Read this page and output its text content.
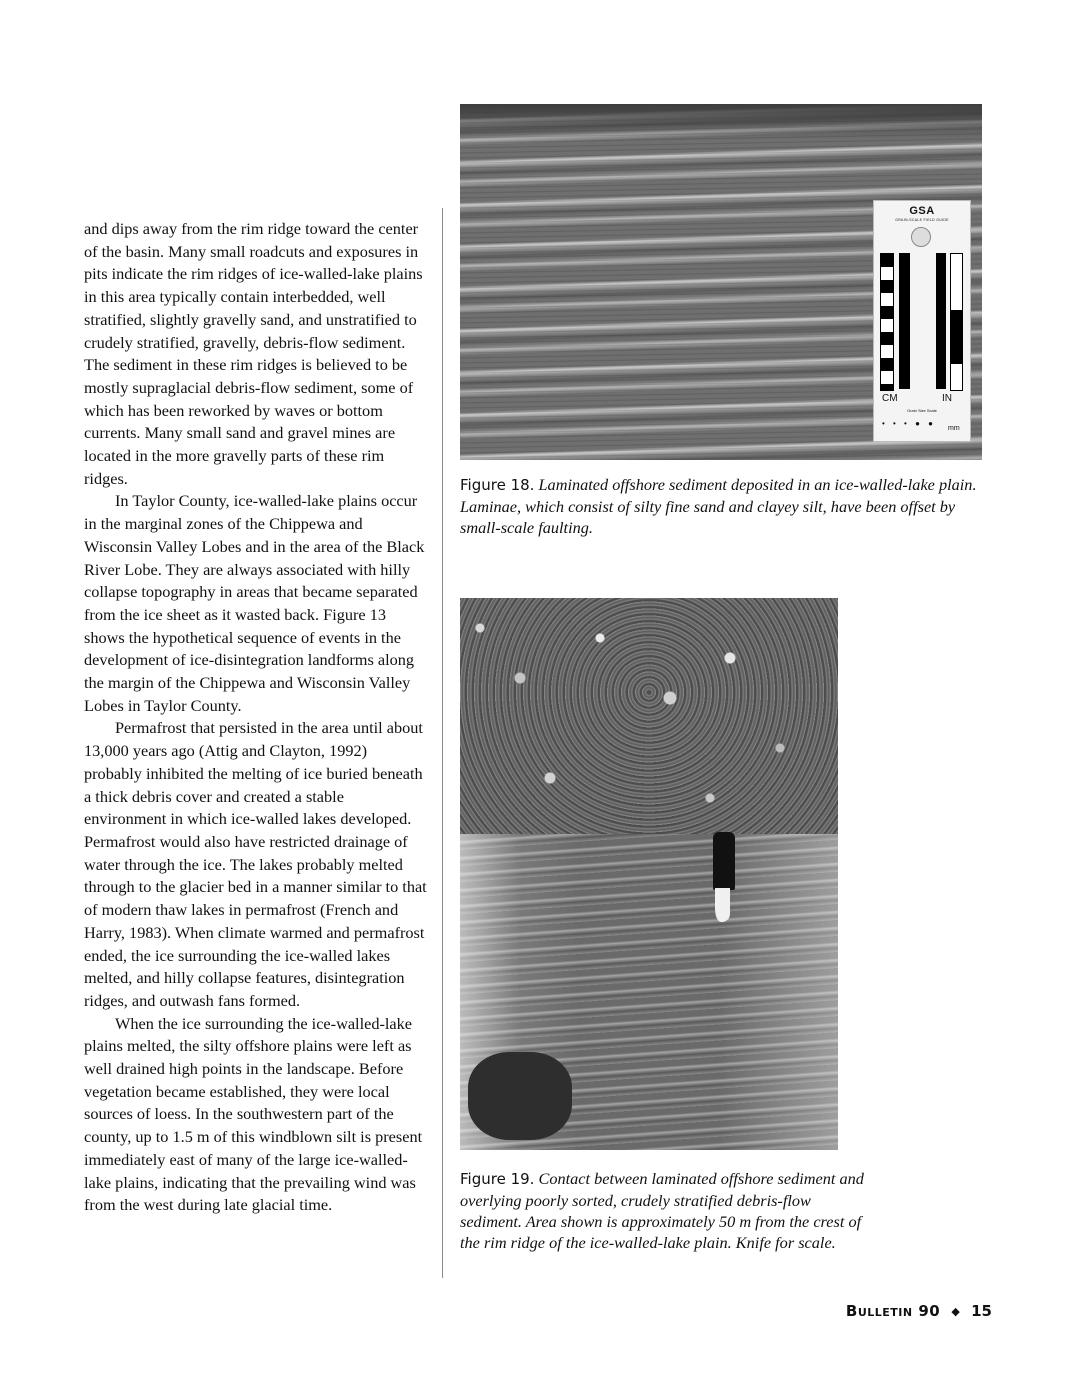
and dips away from the rim ridge toward the center of the basin. Many small roadcuts and exposures in pits indicate the rim ridges of ice-walled-lake plains in this area typically contain interbedded, well stratified, slightly gravelly sand, and unstratified to crudely stratified, gravelly, debris-flow sediment. The sediment in these rim ridges is believed to be mostly supraglacial debris-flow sediment, some of which has been reworked by waves or bottom currents. Many small sand and gravel mines are located in the more gravelly parts of these rim ridges.

In Taylor County, ice-walled-lake plains occur in the marginal zones of the Chippewa and Wisconsin Valley Lobes and in the area of the Black River Lobe. They are always associated with hilly collapse topography in areas that became separated from the ice sheet as it wasted back. Figure 13 shows the hypothetical sequence of events in the development of ice-disintegration landforms along the margin of the Chippewa and Wisconsin Valley Lobes in Taylor County.

Permafrost that persisted in the area until about 13,000 years ago (Attig and Clayton, 1992) probably inhibited the melting of ice buried beneath a thick debris cover and created a stable environment in which ice-walled lakes developed. Permafrost would also have restricted drainage of water through the ice. The lakes probably melted through to the glacier bed in a manner similar to that of modern thaw lakes in permafrost (French and Harry, 1983). When climate warmed and permafrost ended, the ice surrounding the ice-walled lakes melted, and hilly collapse features, disintegration ridges, and outwash fans formed.

When the ice surrounding the ice-walled-lake plains melted, the silty offshore plains were left as well drained high points in the landscape. Before vegetation became established, they were local sources of loess. In the southwestern part of the county, up to 1.5 m of this windblown silt is present immediately east of many of the large ice-walled-lake plains, indicating that the prevailing wind was from the west during late glacial time.

GSA
GRAIN-SCALE FIELD GUIDE
CM	IN
Grain Size Scale
• • • ● ●
mm
Figure 18. Laminated offshore sediment deposited in an ice-walled-lake plain. Laminae, which consist of silty fine sand and clayey silt, have been offset by small-scale faulting.
Figure 19. Contact between laminated offshore sediment and overlying poorly sorted, crudely stratified debris-flow sediment. Area shown is approximately 50 m from the crest of the rim ridge of the ice-walled-lake plain. Knife for scale.
Bulletin 90 ◆ 15
